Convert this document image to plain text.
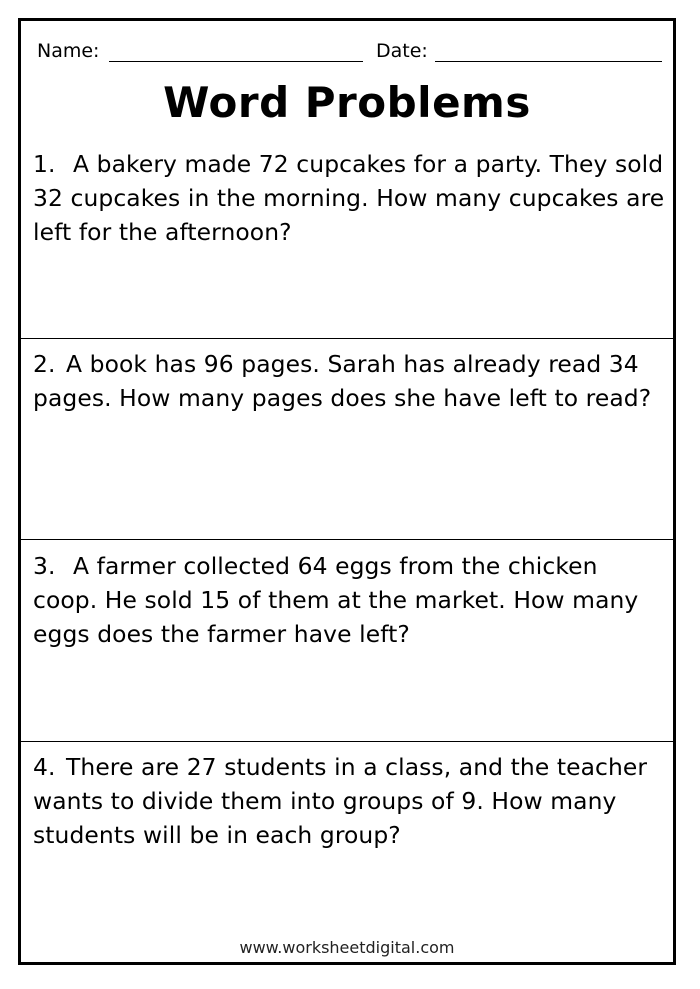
Name:	Date:
Word Problems
1. A bakery made 72 cupcakes for a party. They sold 32 cupcakes in the morning. How many cupcakes are left for the afternoon?
2. A book has 96 pages. Sarah has already read 34 pages. How many pages does she have left to read?
3. A farmer collected 64 eggs from the chicken coop. He sold 15 of them at the market. How many eggs does the farmer have left?
4. There are 27 students in a class, and the teacher wants to divide them into groups of 9. How many students will be in each group?
www.worksheetdigital.com
